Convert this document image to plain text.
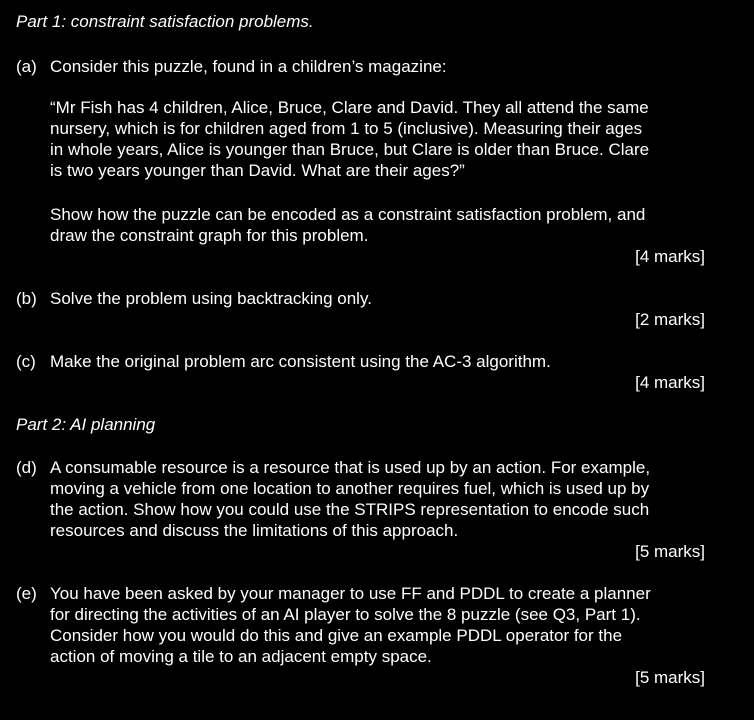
Part 1: constraint satisfaction problems.
(a) Consider this puzzle, found in a children’s magazine:
“Mr Fish has 4 children, Alice, Bruce, Clare and David. They all attend the same
nursery, which is for children aged from 1 to 5 (inclusive). Measuring their ages
in whole years, Alice is younger than Bruce, but Clare is older than Bruce. Clare
is two years younger than David. What are their ages?”
Show how the puzzle can be encoded as a constraint satisfaction problem, and
draw the constraint graph for this problem.
[4 marks]
(b) Solve the problem using backtracking only.
[2 marks]
(c) Make the original problem arc consistent using the AC-3 algorithm.
[4 marks]
Part 2: AI planning
(d) A consumable resource is a resource that is used up by an action. For example,
moving a vehicle from one location to another requires fuel, which is used up by
the action. Show how you could use the STRIPS representation to encode such
resources and discuss the limitations of this approach.
[5 marks]
(e) You have been asked by your manager to use FF and PDDL to create a planner
for directing the activities of an AI player to solve the 8 puzzle (see Q3, Part 1).
Consider how you would do this and give an example PDDL operator for the
action of moving a tile to an adjacent empty space.
[5 marks]
